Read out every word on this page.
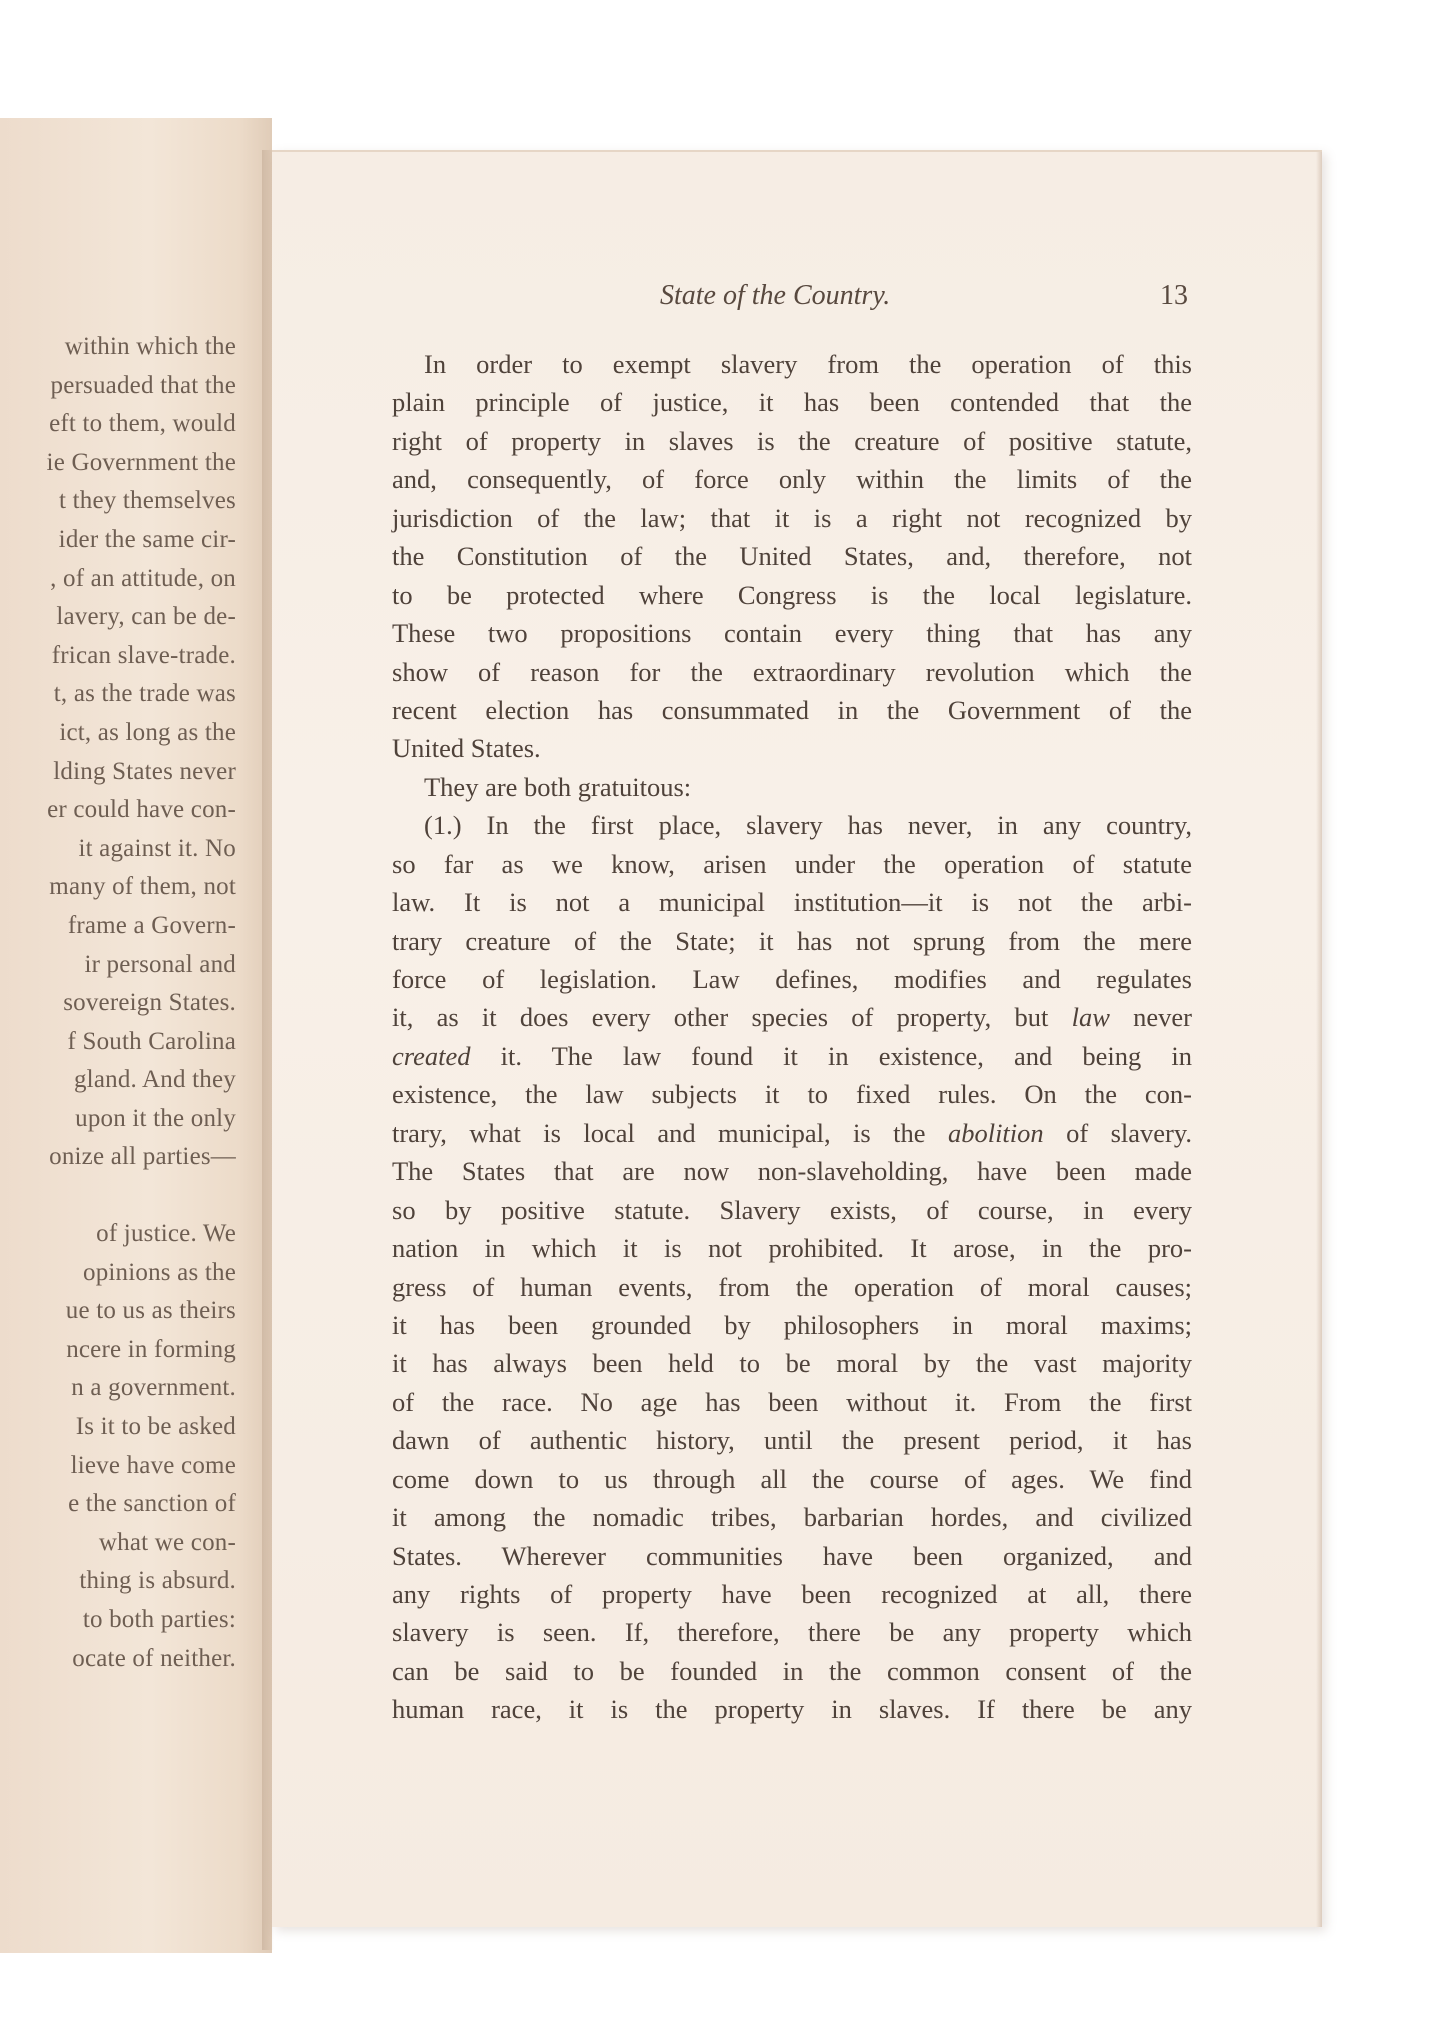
within which the
persuaded that the
eft to them, would
ie Government the
t they themselves
ider the same cir-
, of an attitude, on
lavery, can be de-
frican slave-trade.
t, as the trade was
ict, as long as the
lding States never
er could have con-
it against it. No
many of them, not
frame a Govern-
ir personal and
sovereign States.
f South Carolina
gland. And they
upon it the only
onize all parties—
of justice. We
opinions as the
ue to us as theirs
ncere in forming
n a government.
Is it to be asked
lieve have come
e the sanction of
what we con-
thing is absurd.
to both parties:
ocate of neither.
State of the Country.	13
In order to exempt slavery from the operation of this
plain principle of justice, it has been contended that the
right of property in slaves is the creature of positive statute,
and, consequently, of force only within the limits of the
jurisdiction of the law; that it is a right not recognized by
the Constitution of the United States, and, therefore, not
to be protected where Congress is the local legislature.
These two propositions contain every thing that has any
show of reason for the extraordinary revolution which the
recent election has consummated in the Government of the
United States.
They are both gratuitous:
(1.) In the first place, slavery has never, in any country,
so far as we know, arisen under the operation of statute
law. It is not a municipal institution—it is not the arbi-
trary creature of the State; it has not sprung from the mere
force of legislation. Law defines, modifies and regulates
it, as it does every other species of property, but law never
created it. The law found it in existence, and being in
existence, the law subjects it to fixed rules. On the con-
trary, what is local and municipal, is the abolition of slavery.
The States that are now non-slaveholding, have been made
so by positive statute. Slavery exists, of course, in every
nation in which it is not prohibited. It arose, in the pro-
gress of human events, from the operation of moral causes;
it has been grounded by philosophers in moral maxims;
it has always been held to be moral by the vast majority
of the race. No age has been without it. From the first
dawn of authentic history, until the present period, it has
come down to us through all the course of ages. We find
it among the nomadic tribes, barbarian hordes, and civilized
States. Wherever communities have been organized, and
any rights of property have been recognized at all, there
slavery is seen. If, therefore, there be any property which
can be said to be founded in the common consent of the
human race, it is the property in slaves. If there be any
